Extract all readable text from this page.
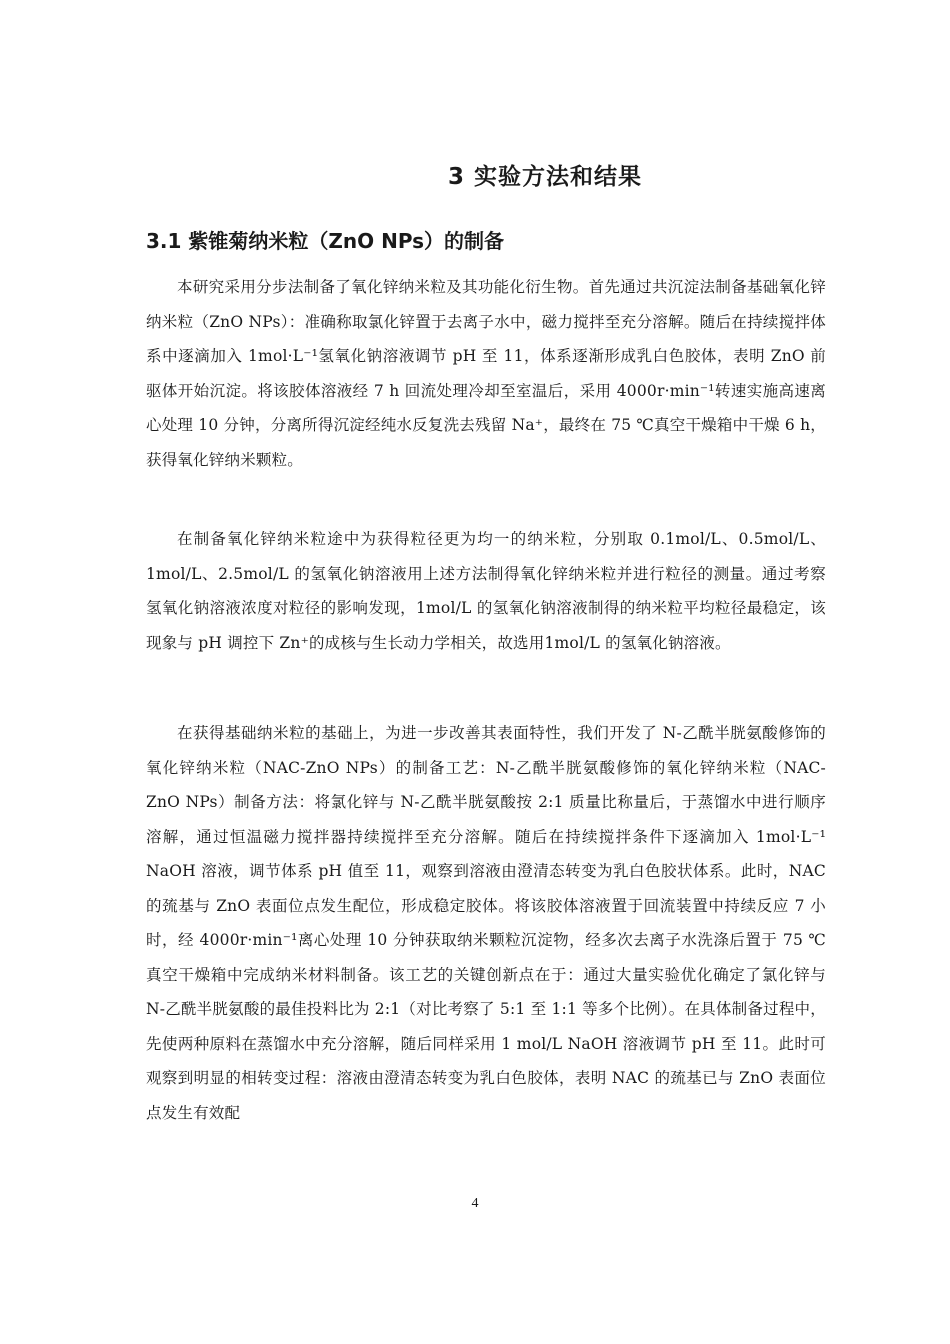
3 实验方法和结果
3.1 紫锥菊纳米粒（ZnO NPs）的制备

本研究采用分步法制备了氧化锌纳米粒及其功能化衍生物。首先通过共沉淀法制备基础氧化锌纳米粒（ZnO NPs）：准确称取氯化锌置于去离子水中，磁力搅拌至充分溶解。随后在持续搅拌体系中逐滴加入 1mol·L⁻¹氢氧化钠溶液调节 pH 至 11，体系逐渐形成乳白色胶体，表明 ZnO 前驱体开始沉淀。将该胶体溶液经 7 h 回流处理冷却至室温后，采用 4000r·min⁻¹转速实施高速离心处理 10 分钟，分离所得沉淀经纯水反复洗去残留 Na⁺，最终在 75 ℃真空干燥箱中干燥 6 h，获得氧化锌纳米颗粒。

在制备氧化锌纳米粒途中为获得粒径更为均一的纳米粒，分别取 0.1mol/L、0.5mol/L、1mol/L、2.5mol/L 的氢氧化钠溶液用上述方法制得氧化锌纳米粒并进行粒径的测量。通过考察氢氧化钠溶液浓度对粒径的影响发现，1mol/L 的氢氧化钠溶液制得的纳米粒平均粒径最稳定，该现象与 pH 调控下 Zn⁺的成核与生长动力学相关，故选用1mol/L 的氢氧化钠溶液。

在获得基础纳米粒的基础上，为进一步改善其表面特性，我们开发了 N-乙酰半胱氨酸修饰的氧化锌纳米粒（NAC-ZnO NPs）的制备工艺：N-乙酰半胱氨酸修饰的氧化锌纳米粒（NAC-ZnO NPs）制备方法：将氯化锌与 N-乙酰半胱氨酸按 2:1 质量比称量后，于蒸馏水中进行顺序溶解，通过恒温磁力搅拌器持续搅拌至充分溶解。随后在持续搅拌条件下逐滴加入 1mol·L⁻¹ NaOH 溶液，调节体系 pH 值至 11，观察到溶液由澄清态转变为乳白色胶状体系。此时，NAC 的巯基与 ZnO 表面位点发生配位，形成稳定胶体。将该胶体溶液置于回流装置中持续反应 7 小时，经 4000r·min⁻¹离心处理 10 分钟获取纳米颗粒沉淀物，经多次去离子水洗涤后置于 75 ℃真空干燥箱中完成纳米材料制备。该工艺的关键创新点在于：通过大量实验优化确定了氯化锌与 N-乙酰半胱氨酸的最佳投料比为 2:1（对比考察了 5:1 至 1:1 等多个比例）。在具体制备过程中，先使两种原料在蒸馏水中充分溶解，随后同样采用 1 mol/L NaOH 溶液调节 pH 至 11。此时可观察到明显的相转变过程：溶液由澄清态转变为乳白色胶体，表明 NAC 的巯基已与 ZnO 表面位点发生有效配

4
